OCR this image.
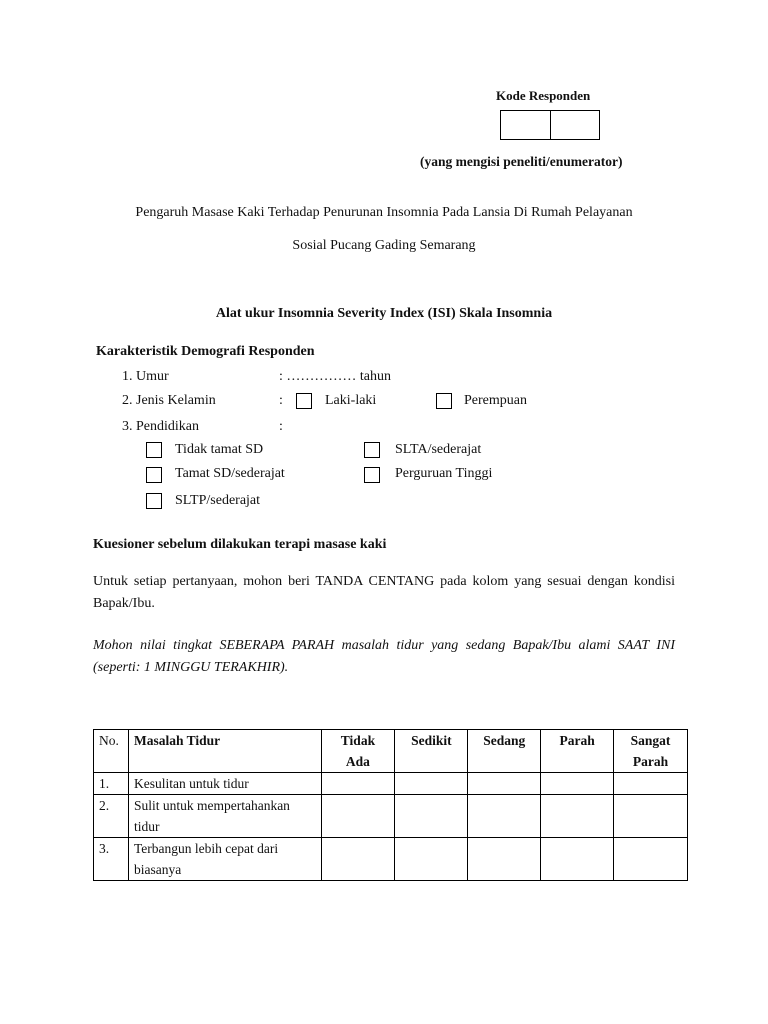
Kode Responden
(yang mengisi peneliti/enumerator)
Pengaruh Masase Kaki Terhadap Penurunan Insomnia Pada Lansia Di Rumah Pelayanan
Sosial Pucang Gading Semarang
Alat ukur Insomnia Severity Index (ISI) Skala Insomnia
Karakteristik Demografi Responden
1. Umur	: …………… tahun
2. Jenis Kelamin	:	Laki-laki	Perempuan
3. Pendidikan	:
Tidak tamat SD	SLTA/sederajat
Tamat SD/sederajat	Perguruan Tinggi
SLTP/sederajat
Kuesioner sebelum dilakukan terapi masase kaki
Untuk setiap pertanyaan, mohon beri TANDA CENTANG pada kolom yang sesuai dengan kondisi Bapak/Ibu.
Mohon nilai tingkat SEBERAPA PARAH masalah tidur yang sedang Bapak/Ibu alami SAAT INI (seperti: 1 MINGGU TERAKHIR).
No.	Masalah Tidur	Tidak Ada	Sedikit	Sedang	Parah	Sangat Parah

1.	Kesulitan untuk tidur					
2.	Sulit untuk mempertahankan tidur					
3.	Terbangun lebih cepat dari biasanya					
